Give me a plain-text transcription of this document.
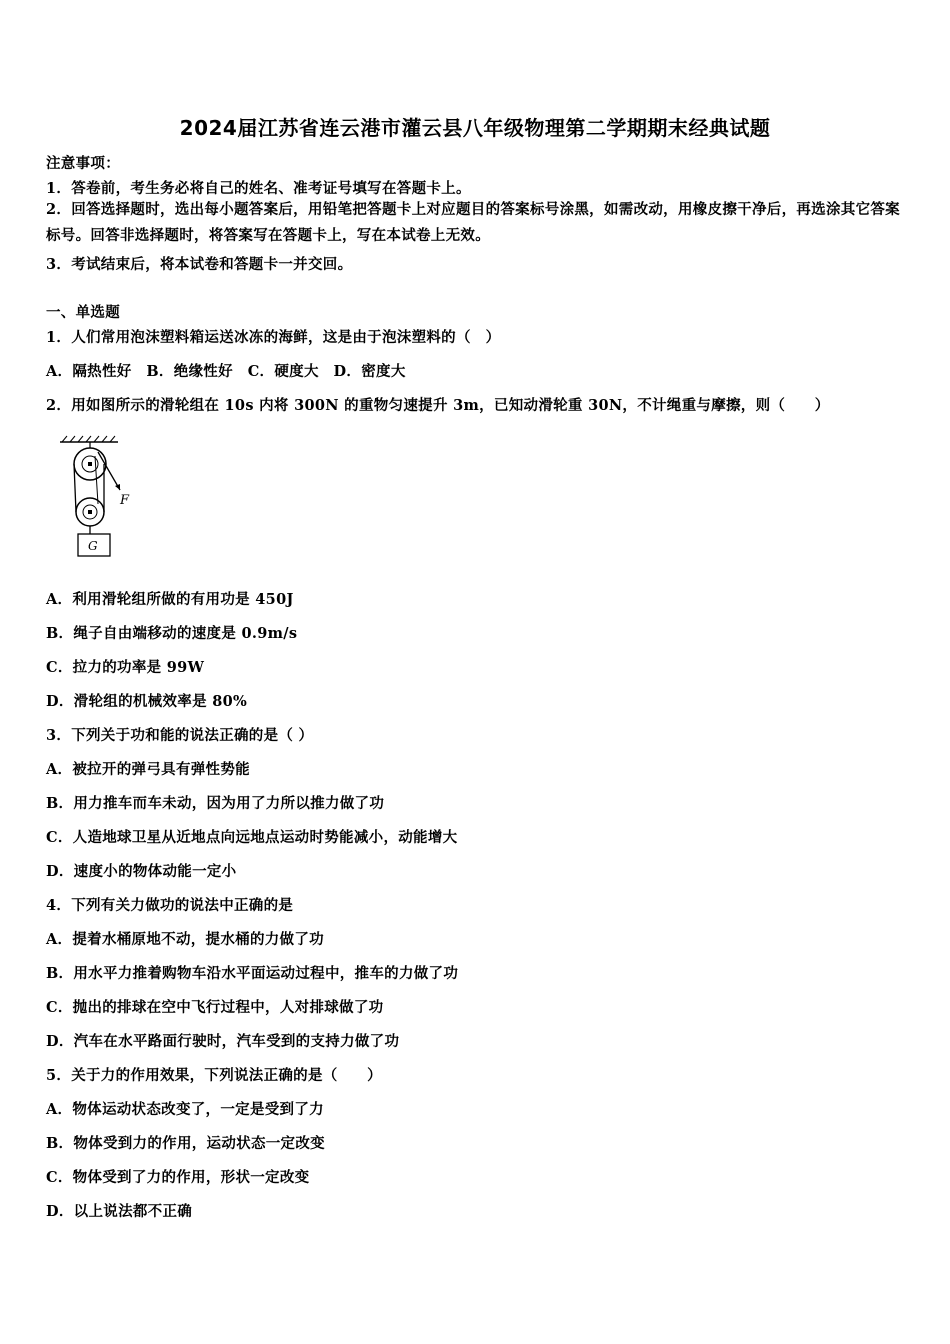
2024届江苏省连云港市灌云县八年级物理第二学期期末经典试题
注意事项：
1．答卷前，考生务必将自己的姓名、准考证号填写在答题卡上。
2．回答选择题时，选出每小题答案后，用铅笔把答题卡上对应题目的答案标号涂黑，如需改动，用橡皮擦干净后，再选涂其它答案标号。回答非选择题时，将答案写在答题卡上，写在本试卷上无效。
3．考试结束后，将本试卷和答题卡一并交回。
一、单选题
1．人们常用泡沫塑料箱运送冰冻的海鲜，这是由于泡沫塑料的（　）
A．隔热性好　B．绝缘性好　C．硬度大　D．密度大
2．用如图所示的滑轮组在 10s 内将 300N 的重物匀速提升 3m，已知动滑轮重 30N，不计绳重与摩擦，则（　　）
F
G
A．利用滑轮组所做的有用功是 450J
B．绳子自由端移动的速度是 0.9m/s
C．拉力的功率是 99W
D．滑轮组的机械效率是 80%
3．下列关于功和能的说法正确的是（ ）
A．被拉开的弹弓具有弹性势能
B．用力推车而车未动，因为用了力所以推力做了功
C．人造地球卫星从近地点向远地点运动时势能减小，动能增大
D．速度小的物体动能一定小
4．下列有关力做功的说法中正确的是
A．提着水桶原地不动，提水桶的力做了功
B．用水平力推着购物车沿水平面运动过程中，推车的力做了功
C．抛出的排球在空中飞行过程中，人对排球做了功
D．汽车在水平路面行驶时，汽车受到的支持力做了功
5．关于力的作用效果，下列说法正确的是（　　）
A．物体运动状态改变了，一定是受到了力
B．物体受到力的作用，运动状态一定改变
C．物体受到了力的作用，形状一定改变
D．以上说法都不正确
